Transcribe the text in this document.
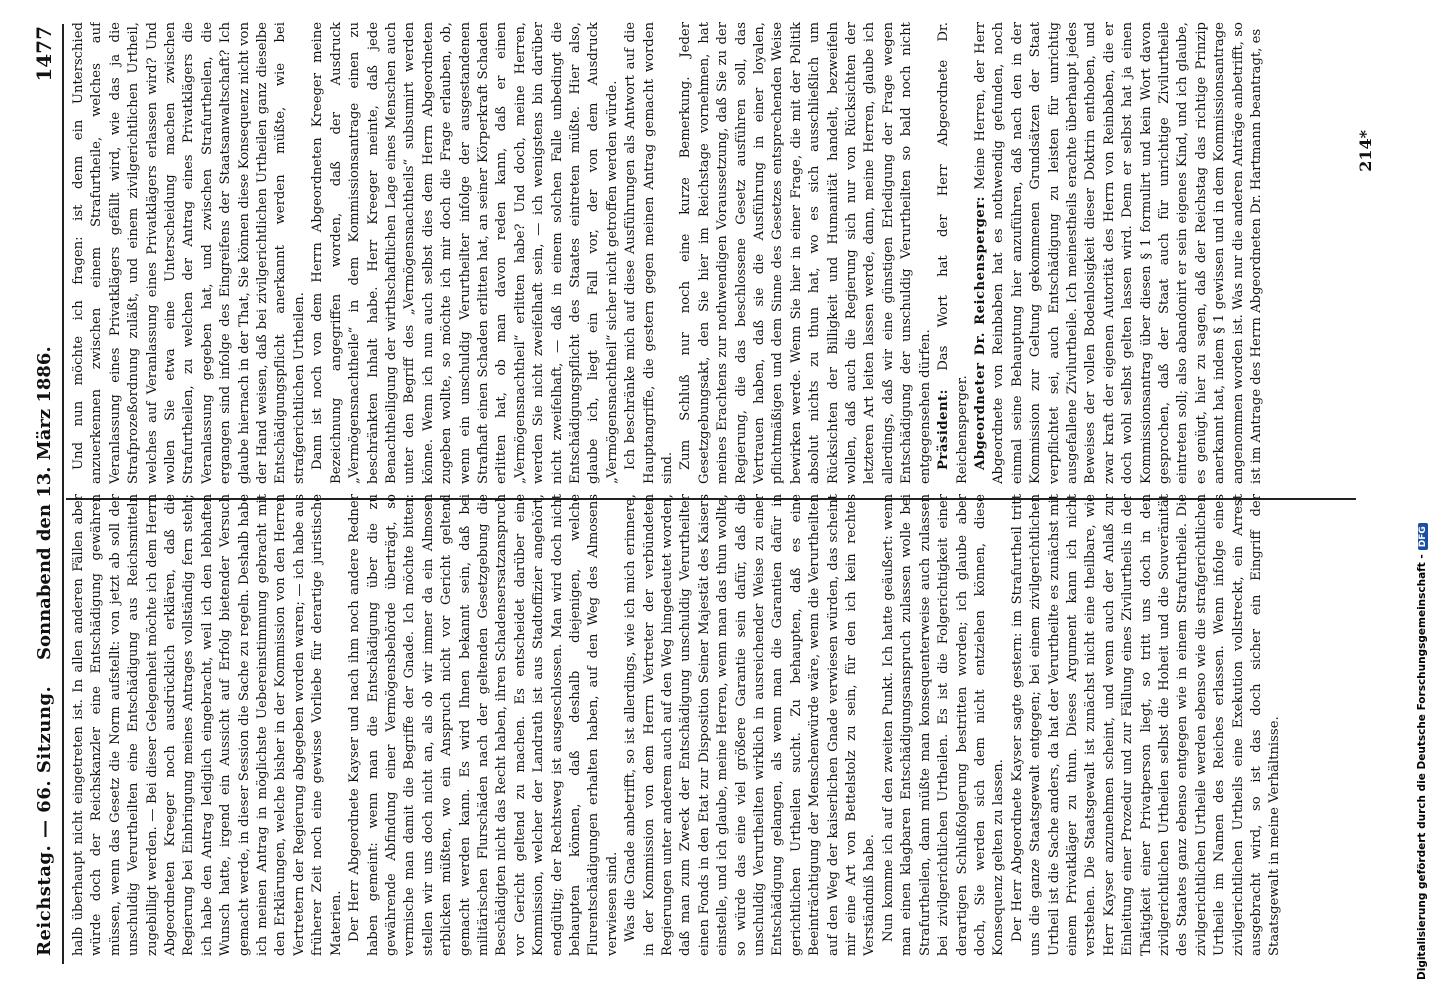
Reichstag. — 66. Sitzung.
Sonnabend den 13. März 1886.
1477

halb überhaupt nicht eingetreten ist. In allen anderen Fällen aber würde doch der Reichskanzler eine Entschädigung gewähren müssen, wenn das Gesetz die Norm aufstellt: von jetzt ab soll der unschuldig Verurtheilten eine Entschädigung aus Reichsmitteln zugebilligt werden. — Bei dieser Gelegenheit möchte ich dem Herrn Abgeordneten Kreeger noch ausdrücklich erklären, daß die Regierung bei Einbringung meines Antrages vollständig fern steht; ich habe den Antrag lediglich eingebracht, weil ich den lebhaften Wunsch hatte, irgend ein Aussicht auf Erfolg bietender Versuch gemacht werde, in dieser Session die Sache zu regeln. Deshalb habe ich meinen Antrag in möglichste Uebereinstimmung gebracht mit den Erklärungen, welche bisher in der Kommission von den Herren Vertretern der Regierung abgegeben worden waren; — ich habe aus früherer Zeit noch eine gewisse Vorliebe für derartige juristische Materien. Der Herr Abgeordnete Kayser und nach ihm noch andere Redner haben gemeint: wenn man die Entschädigung über die zu gewährende Abfindung einer Vermögensbehörde überträgt, so vermische man damit die Begriffe der Gnade. Ich möchte bitten: stellen wir uns doch nicht an, als ob wir immer da ein Almosen erblicken müßten, wo ein Anspruch nicht vor Gericht geltend gemacht werden kann. Es wird Ihnen bekannt sein, daß bei militärischen Flurschäden nach der geltenden Gesetzgebung die Beschädigten nicht das Recht haben, ihren Schadensersatzanspruch vor Gericht geltend zu machen. Es entscheidet darüber eine Kommission, welcher der Landrath ist aus Stadtoffizier angehört, endgültig; der Rechtsweg ist ausgeschlossen. Man wird doch nicht behaupten können, daß deshalb diejenigen, welche Flurentschädigungen erhalten haben, auf den Weg des Almosens verwiesen sind. Was die Gnade anbetrifft, so ist allerdings, wie ich mich erinnere, in der Kommission von dem Herrn Vertreter der verbündeten Regierungen unter anderem auch auf den Weg hingedeutet worden, daß man zum Zweck der Entschädigung unschuldig Verurtheilter einen Fonds in den Etat zur Disposition Seiner Majestät des Kaisers einstelle, und ich glaube, meine Herren, wenn man das thun wollte, so würde das eine viel größere Garantie sein dafür, daß die unschuldig Verurtheilten wirklich in ausreichender Weise zu einer Entschädigung gelangen, als wenn man die Garantien dafür in gerichtlichen Urtheilen sucht. Zu behaupten, daß es eine Beeinträchtigung der Menschenwürde wäre, wenn die Verurtheilten auf den Weg der kaiserlichen Gnade verwiesen würden, das scheint mir eine Art von Bettelstolz zu sein, für den ich kein rechtes Verständniß habe. Nun komme ich auf den zweiten Punkt. Ich hatte geäußert: wenn man einen klagbaren Entschädigungsanspruch zulassen wolle bei Strafurtheilen, dann müßte man konsequenterweise auch zulassen bei zivilgerichtlichen Urtheilen. Es ist die Folgerichtigkeit einer derartigen Schlußfolgerung bestritten worden; ich glaube aber doch, Sie werden sich dem nicht entziehen können, diese Konsequenz gelten zu lassen. Der Herr Abgeordnete Kayser sagte gestern: im Strafurtheil tritt uns die ganze Staatsgewalt entgegen; bei einem zivilgerichtlichen Urtheil ist die Sache anders, da hat der Verurtheilte es zunächst mit einem Privatkläger zu thun. Dieses Argument kann ich nicht verstehen. Die Staatsgewalt ist zunächst nicht eine theilbare, wie Herr Kayser anzunehmen scheint, und wenn auch der Anlaß zur Einleitung einer Prozedur und zur Fällung eines Zivilurtheils in der Thätigkeit einer Privatperson liegt, so tritt uns doch in den zivilgerichtlichen Urtheilen selbst die Hoheit und die Souveränität des Staates ganz ebenso entgegen wie in einem Strafurtheile. Die zivilgerichtlichen Urtheile werden ebenso wie die strafgerichtlichen Urtheile im Namen des Reiches erlassen. Wenn infolge eines zivilgerichtlichen Urtheils eine Exekution vollstreckt, ein Arrest ausgebracht wird, so ist das doch sicher ein Eingriff der Staatsgewalt in meine Verhältnisse.

Und nun möchte ich fragen: ist denn ein Unterschied anzuerkennen zwischen einem Strafurtheile, welches auf Veranlassung eines Privatklägers gefällt wird, wie das ja die Strafprozeßordnung zuläßt, und einem zivilgerichtlichen Urtheil, welches auf Veranlassung eines Privatklägers erlassen wird? Und wollen Sie etwa eine Unterscheidung machen zwischen Strafurtheilen, zu welchen der Antrag eines Privatklägers die Veranlassung gegeben hat, und zwischen Strafurtheilen, die ergangen sind infolge des Eingreifens der Staatsanwaltschaft? Ich glaube hiernach in der That, Sie können diese Konsequenz nicht von der Hand weisen, daß bei zivilgerichtlichen Urtheilen ganz dieselbe Entschädigungspflicht anerkannt werden müßte, wie bei strafgerichtlichen Urtheilen. Dann ist noch von dem Herrn Abgeordneten Kreeger meine Bezeichnung angegriffen worden, daß der Ausdruck „Vermögensnachtheile“ in dem Kommissionsantrage einen zu beschränkten Inhalt habe. Herr Kreeger meinte, daß jede Benachtheiligung der wirthschaftlichen Lage eines Menschen auch unter den Begriff des „Vermögensnachtheils“ subsumirt werden könne. Wenn ich nun auch selbst dies dem Herrn Abgeordneten zugeben wollte, so möchte ich mir doch die Frage erlauben, ob, wenn ein unschuldig Verurtheilter infolge der ausgestandenen Strafhaft einen Schaden erlitten hat, an seiner Körperkraft Schaden erlitten hat, ob man davon reden kann, daß er einen „Vermögensnachtheil“ erlitten habe? Und doch, meine Herren, werden Sie nicht zweifelhaft sein, — ich wenigstens bin darüber nicht zweifelhaft, — daß in einem solchen Falle unbedingt die Entschädigungspflicht des Staates eintreten müßte. Hier also, glaube ich, liegt ein Fall vor, der von dem Ausdruck „Vermögensnachtheil“ sicher nicht getroffen werden würde. Ich beschränke mich auf diese Ausführungen als Antwort auf die Hauptangriffe, die gestern gegen meinen Antrag gemacht worden sind. Zum Schluß nur noch eine kurze Bemerkung. Jeder Gesetzgebungsakt, den Sie hier im Reichstage vornehmen, hat meines Erachtens zur nothwendigen Voraussetzung, daß Sie zu der Regierung, die das beschlossene Gesetz ausführen soll, das Vertrauen haben, daß sie die Ausführung in einer loyalen, pflichtmäßigen und dem Sinne des Gesetzes entsprechenden Weise bewirken werde. Wenn Sie hier in einer Frage, die mit der Politik absolut nichts zu thun hat, wo es sich ausschließlich um Rücksichten der Billigkeit und Humanität handelt, bezweifeln wollen, daß auch die Regierung sich nur von Rücksichten der letzteren Art leiten lassen werde, dann, meine Herren, glaube ich allerdings, daß wir eine günstigen Erledigung der Frage wegen Entschädigung der unschuldig Verurtheilten so bald noch nicht entgegensehen dürfen. Präsident: Das Wort hat der Herr Abgeordnete Dr. Reichensperger. Abgeordneter Dr. Reichensperger: Meine Herren, der Herr Abgeordnete von Reinbaben hat es nothwendig gefunden, noch einmal seine Behauptung hier anzuführen, daß nach den in der Kommission zur Geltung gekommenen Grundsätzen der Staat verpflichtet sei, auch Entschädigung zu leisten für unrichtig ausgefallene Zivilurtheile. Ich meinestheils erachte überhaupt jedes Beweises der vollen Bodenlosigkeit dieser Doktrin enthoben, und zwar kraft der eigenen Autorität des Herrn von Reinbaben, die er doch wohl selbst gelten lassen wird. Denn er selbst hat ja einen Kommissionsantrag über diesen § 1 formulirt und kein Wort davon gesprochen, daß der Staat auch für unrichtige Zivilurtheile eintreten soll; also abandonirt er sein eigenes Kind, und ich glaube, es genügt, hier zu sagen, daß der Reichstag das richtige Prinzip anerkannt hat, indem § 1 gewissen und in dem Kommissionsantrage angenommen worden ist. Was nur die anderen Anträge anbetrifft, so ist im Antrage des Herrn Abgeordneten Dr. Hartmann beantragt, es	214*
Digitalisierung gefördert durch die Deutsche Forschungsgemeinschaft -DFG
